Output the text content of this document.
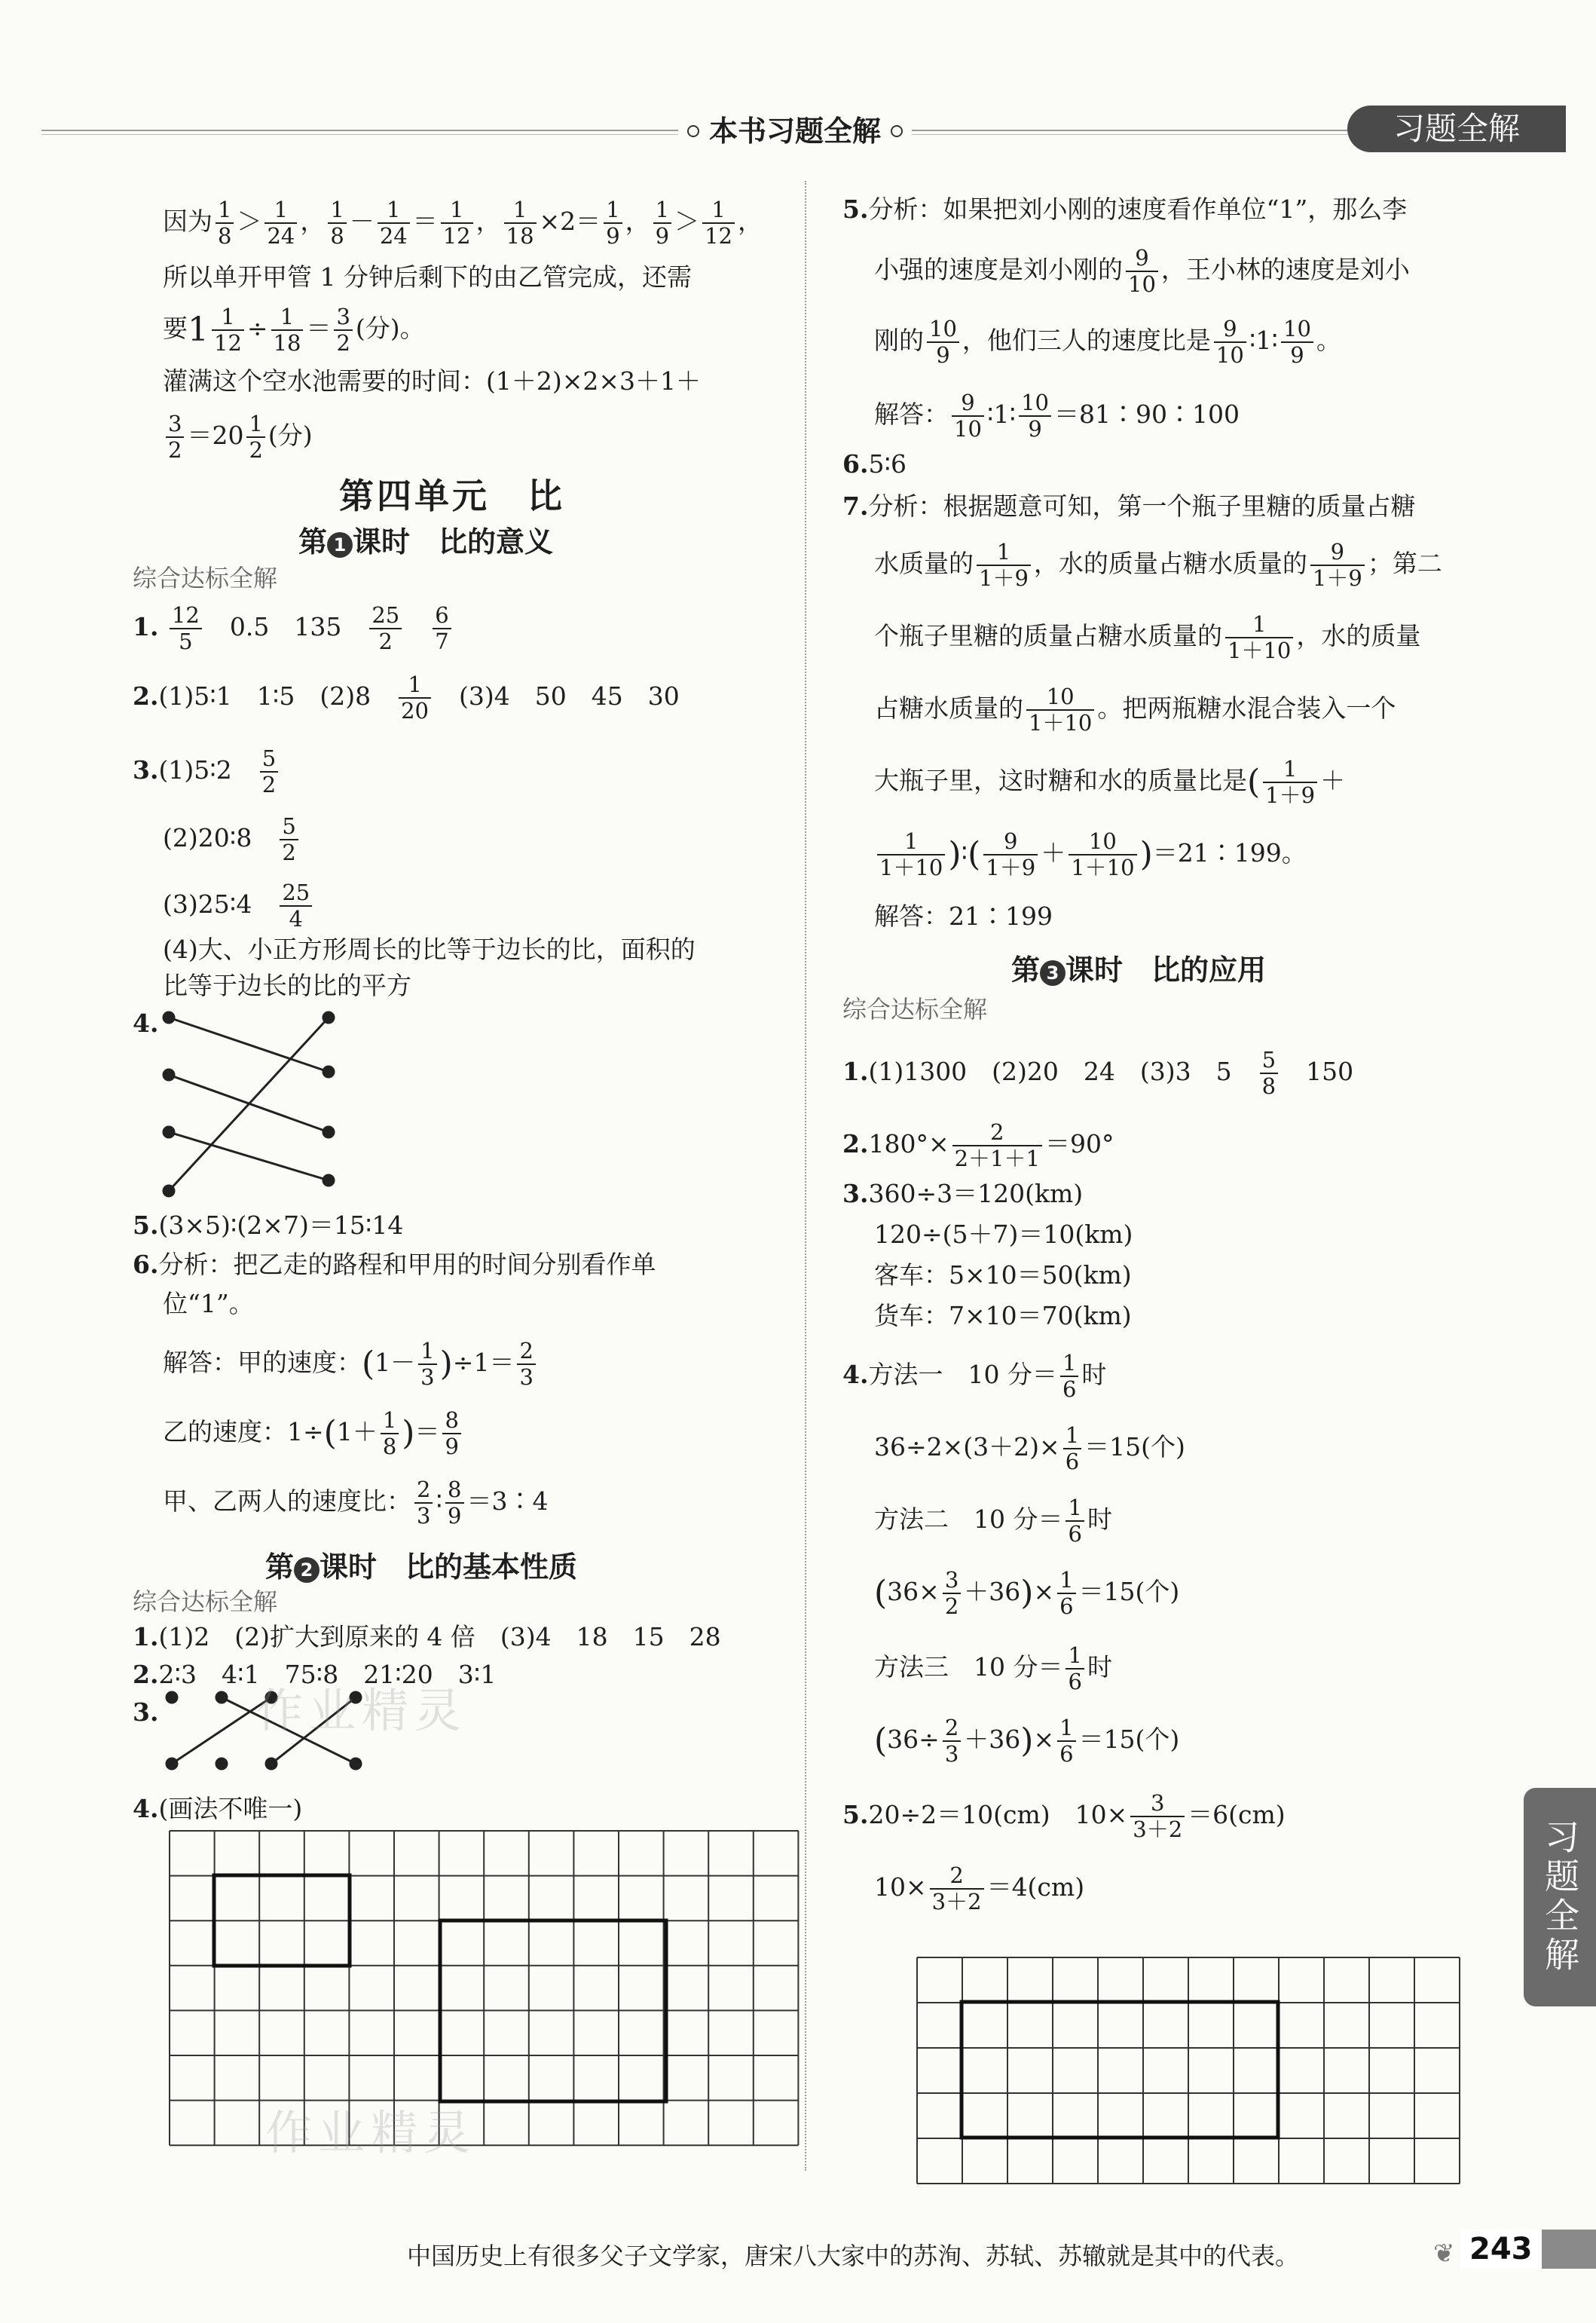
本书习题全解	习题全解
因为 $\frac{1}{8} > \frac{1}{24}$ ， $\frac{1}{8} - \frac{1}{24} = \frac{1}{12}$ ， $\frac{1}{18} \times 2= \frac{1}{9}$ ， $\frac{1}{9} > \frac{1}{12}$ ，
所以单开甲管 1 分钟后剩下的由乙管完成，还需
要$1 \frac{1}{12} \div \frac{1}{18} = \frac{3}{2}$ (分)。
灌满这个空水池需要的时间：(1＋2)×2×3＋1＋
$\frac{3}{2} =20 \frac{1}{2}$ (分)
第四单元　比
第 1 课时　比的意义
综合达标全解
1. $\frac{12}{5}$
　 0.5　135　 $\frac{25}{2}$
　 $\frac{6}{7}$
2.(1)5∶1　1∶5　(2)8　 $\frac{1}{20}$
　 (3)4　50　45　30
3.(1)5∶2　 $\frac{5}{2}$
(2)20∶8　 $\frac{5}{2}$
(3)25∶4　 $\frac{25}{4}$
(4)大、小正方形周长的比等于边长的比，面积的
比等于边长的比的平方
4.
5.(3×5)∶(2×7)＝15∶14
6.分析：把乙走的路程和甲用的时间分别看作单
位“1”。
解答：甲的速度：$(1- \frac{1}{3} )\div 1= \frac{2}{3}$
乙的速度：$1\div(1+ \frac{1}{8}$ )＝ $\frac{8}{9}$
甲、乙两人的速度比： $\frac{2}{3}$ ∶ $\frac{8}{9}$ ＝3∶4
第 2 课时　比的基本性质
综合达标全解
1.(1)2　(2)扩大到原来的 4 倍　(3)4　18　15　28
2.2∶3　4∶1　75∶8　21∶20　3∶1
3. 作业精灵
4.(画法不唯一)
作业精灵
5.分析：如果把刘小刚的速度看作单位“1”，那么李
小强的速度是刘小刚的 $\frac{9}{10}$ ，王小林的速度是刘小
刚的 $\frac{10}{9}$ ，他们三人的速度比是 $\frac{9}{10}$ ∶1∶ $\frac{10}{9}$ 。
解答： $\frac{9}{10}$ ∶1∶ $\frac{10}{9}$ ＝81∶90∶100
6.5∶6
7.分析：根据题意可知，第一个瓶子里糖的质量占糖
水质量的 $\frac{1}{1+9}$ ，水的质量占糖水质量的 $\frac{9}{1+9}$ ；第二
个瓶子里糖的质量占糖水质量的 $\frac{1}{1+10}$ ，水的质量
占糖水质量的 $\frac{10}{1+10}$ 。把两瓶糖水混合装入一个
大瓶子里，这时糖和水的质量比是( $\frac{1}{1+9}$ ＋
$\frac{1}{1+10}$ )∶( $\frac{9}{1+9} + \frac{10}{1+10}$ )＝21∶199。
解答：21∶199
第 3 课时　比的应用
综合达标全解
1.(1)1300　(2)20　24　(3)3　5　 $\frac{5}{8}$
　 150
$2.180^\circ\times \frac{2}{2+1+1} =90^\circ$
3.360÷3＝120(km)
120÷(5＋7)＝10(km)
客车：5×10＝50(km)
货车：7×10＝70(km)
4.方法一　10 分＝ $\frac{1}{6}$ 时
$36\div 2\times(3+2)\times \frac{1}{6} =15$(个)
方法二　10 分＝ $\frac{1}{6}$ 时
$(36\times \frac{3}{2} +36)\times \frac{1}{6} =15$(个)
方法三　10 分＝ $\frac{1}{6}$ 时
$(36\div \frac{2}{3} +36)\times \frac{1}{6} =15$(个)
5.20÷2＝10(cm)　$10\times \frac{3}{3+2} =6(cm)$
$10\times \frac{2}{3+2} =4(cm)$	习题全解
中国历史上有很多父子文学家，唐宋八大家中的苏洵、苏轼、苏辙就是其中的代表。	❦ 243
